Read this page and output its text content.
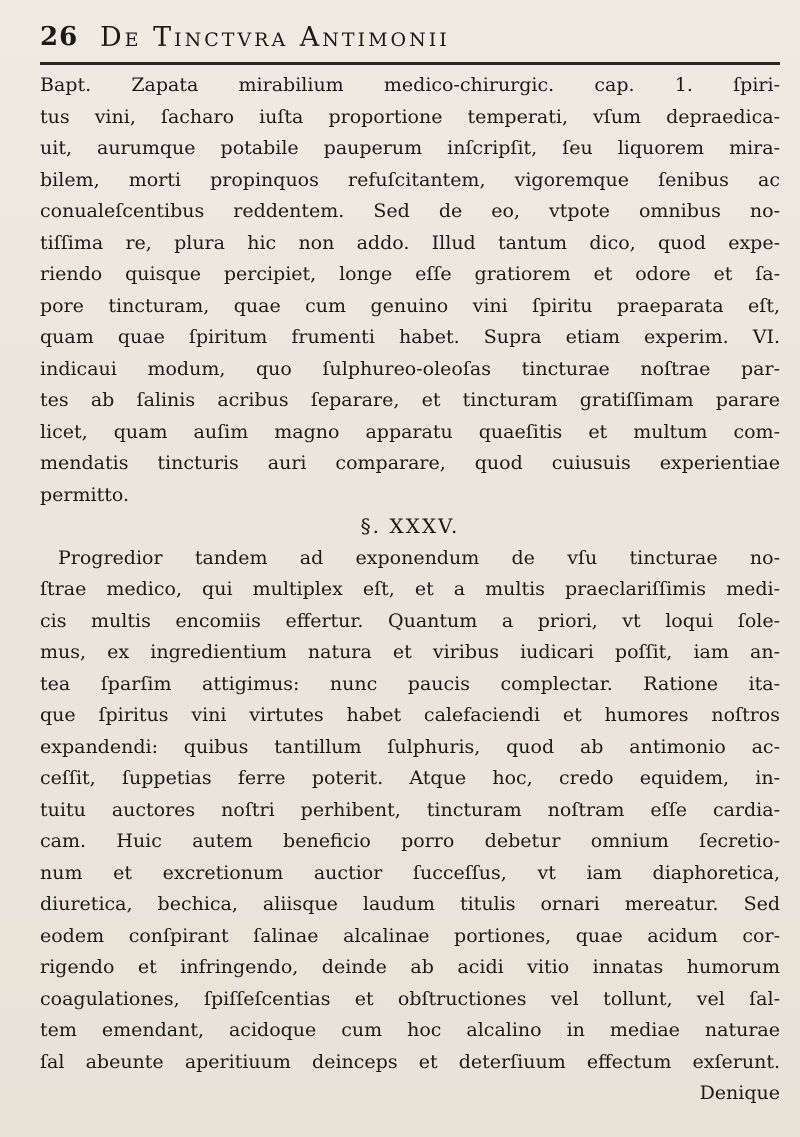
26 De Tinctvra Antimonii
Bapt. Zapata mirabilium medico-chirurgic. cap. 1. ſpiri-
tus vini, ſacharo iuſta proportione temperati, vſum depraedica-
uit, aurumque potabile pauperum inſcripſit, ſeu liquorem mira-
bilem, morti propinquos refuſcitantem, vigoremque ſenibus ac
conualeſcentibus reddentem. Sed de eo, vtpote omnibus no-
tiſſima re, plura hic non addo. Illud tantum dico, quod expe-
riendo quisque percipiet, longe eſſe gratiorem et odore et ſa-
pore tincturam, quae cum genuino vini ſpiritu praeparata eſt,
quam quae ſpiritum frumenti habet. Supra etiam experim. VI.
indicaui modum, quo ſulphureo-oleoſas tincturae noſtrae par-
tes ab ſalinis acribus ſeparare, et tincturam gratiſſimam parare
licet, quam auſim magno apparatu quaeſitis et multum com-
mendatis tincturis auri comparare, quod cuiusuis experientiae
permitto.
§. XXXV.
Progredior tandem ad exponendum de vſu tincturae no-
ſtrae medico, qui multiplex eſt, et a multis praeclariſſimis medi-
cis multis encomiis effertur. Quantum a priori, vt loqui ſole-
mus, ex ingredientium natura et viribus iudicari poſſit, iam an-
tea ſparſim attigimus: nunc paucis complectar. Ratione ita-
que ſpiritus vini virtutes habet calefaciendi et humores noſtros
expandendi: quibus tantillum ſulphuris, quod ab antimonio ac-
ceſſit, ſuppetias ferre poterit. Atque hoc, credo equidem, in-
tuitu auctores noſtri perhibent, tincturam noſtram eſſe cardia-
cam. Huic autem beneficio porro debetur omnium ſecretio-
num et excretionum auctior ſucceſſus, vt iam diaphoretica,
diuretica, bechica, aliisque laudum titulis ornari mereatur. Sed
eodem conſpirant ſalinae alcalinae portiones, quae acidum cor-
rigendo et infringendo, deinde ab acidi vitio innatas humorum
coagulationes, ſpiſſeſcentias et obſtructiones vel tollunt, vel ſal-
tem emendant, acidoque cum hoc alcalino in mediae naturae
ſal abeunte aperitiuum deinceps et deterſiuum effectum exſerunt.
Denique
